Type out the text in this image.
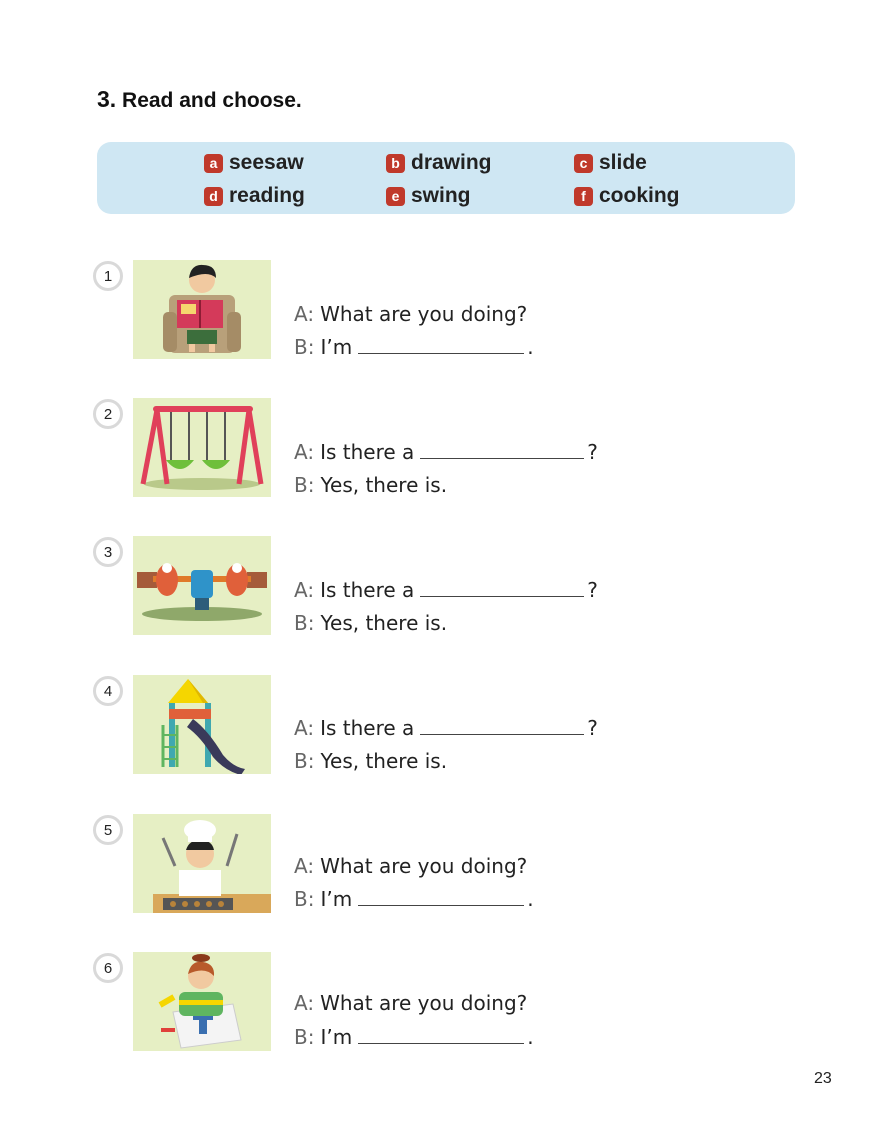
3. Read and choose.
a seesaw	b drawing	c slide
d reading	e swing	f cooking
1
A: What are you doing?
B: I’m	.
2
A: Is there a	?
B: Yes, there is.
3
A: Is there a	?
B: Yes, there is.
4
A: Is there a	?
B: Yes, there is.
5
A: What are you doing?
B: I’m	.
6
A: What are you doing?
B: I’m	.
23
